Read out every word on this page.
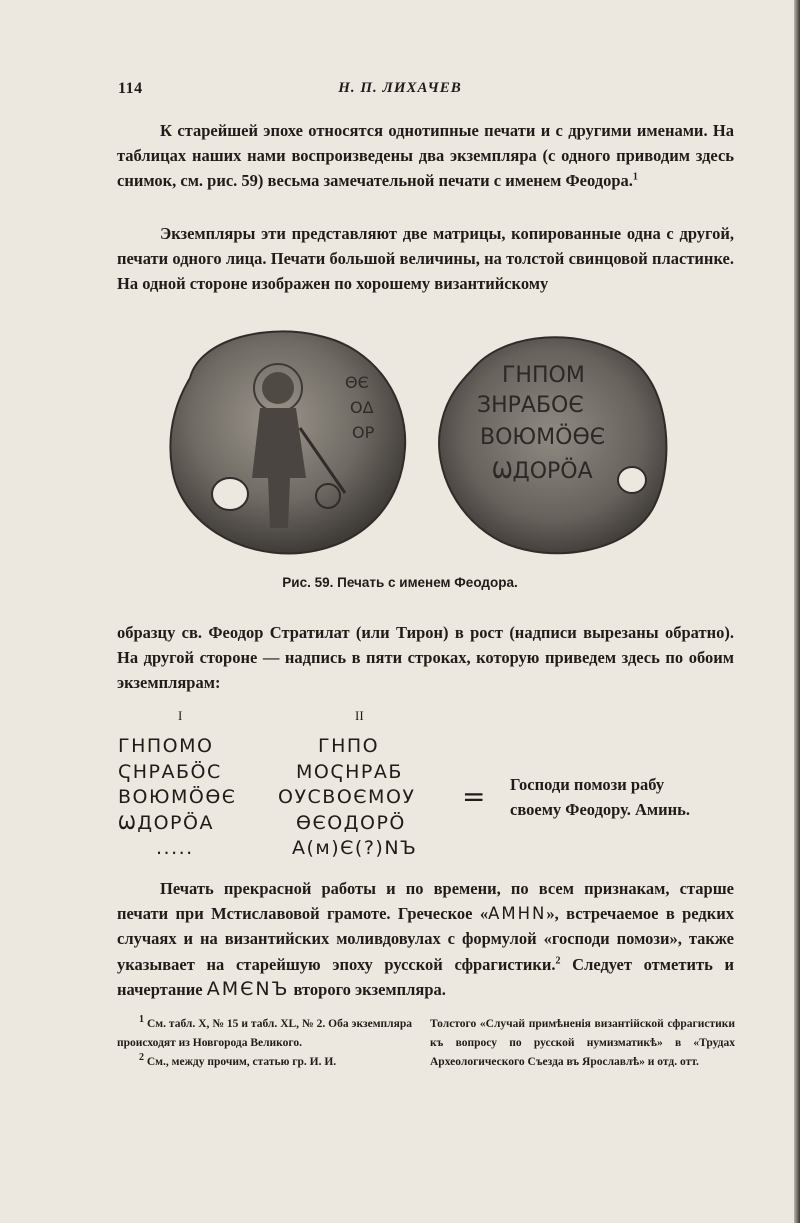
114	Н. П. ЛИХАЧЕВ

К старейшей эпохе относятся однотипные печати и с другими именами. На таблицах наших нами воспроизведены два экземпляра (с одного приводим здесь снимок, см. рис. 59) весьма замечательной печати с именем Феодора.$^1$

Экземпляры эти представляют две матрицы, копированные одна с другой, печати одного лица. Печати большой величины, на толстой свинцовой пластинке. На одной стороне изображен по хорошему византийскому

ΘЄ
ΟΔ
ΟΡ
ГНПОМ
ЗНРАБОЄ
ВОЮМӦӨЄ
ѠДОРӦА
Рис. 59. Печать с именем Феодора.

образцу св. Феодор Стратилат (или Тирон) в рост (надписи вырезаны обратно). На другой стороне — надпись в пяти строках, которую приведем здесь по обоим экземплярам:

I	II
ГНПОМО
ҀНРАБӦС
ВОЮМӦӨЄ
ѠДОРӦА
.....
ГНПО
МОҀНРАБ
ОУСВОЄМОУ
ӨЄОДОРӦ
А(м)Є(?)NЪ
= Господи помози рабу
своему Феодору. Аминь.

Печать прекрасной работы и по времени, по всем признакам, старше печати при Мстиславовой грамоте. Греческое «АМНN», встречаемое в редких случаях и на византийских моливдовулах с формулой «господи помози», также указывает на старейшую эпоху русской сфрагистики.$^2$ Следует отметить и начертание АМЄNЪ второго экземпляра.

$^1$ См. табл. X, № 15 и табл. XL, № 2. Оба экземпляра происходят из Новгорода Великого.

$^2$ См., между прочим, статью гр. И. И.

Толстого «Случай примѣненія византійской сфрагистики къ вопросу по русской нумизматикѣ» в «Трудах Археологического Съезда въ Ярославлѣ» и отд. отт.
